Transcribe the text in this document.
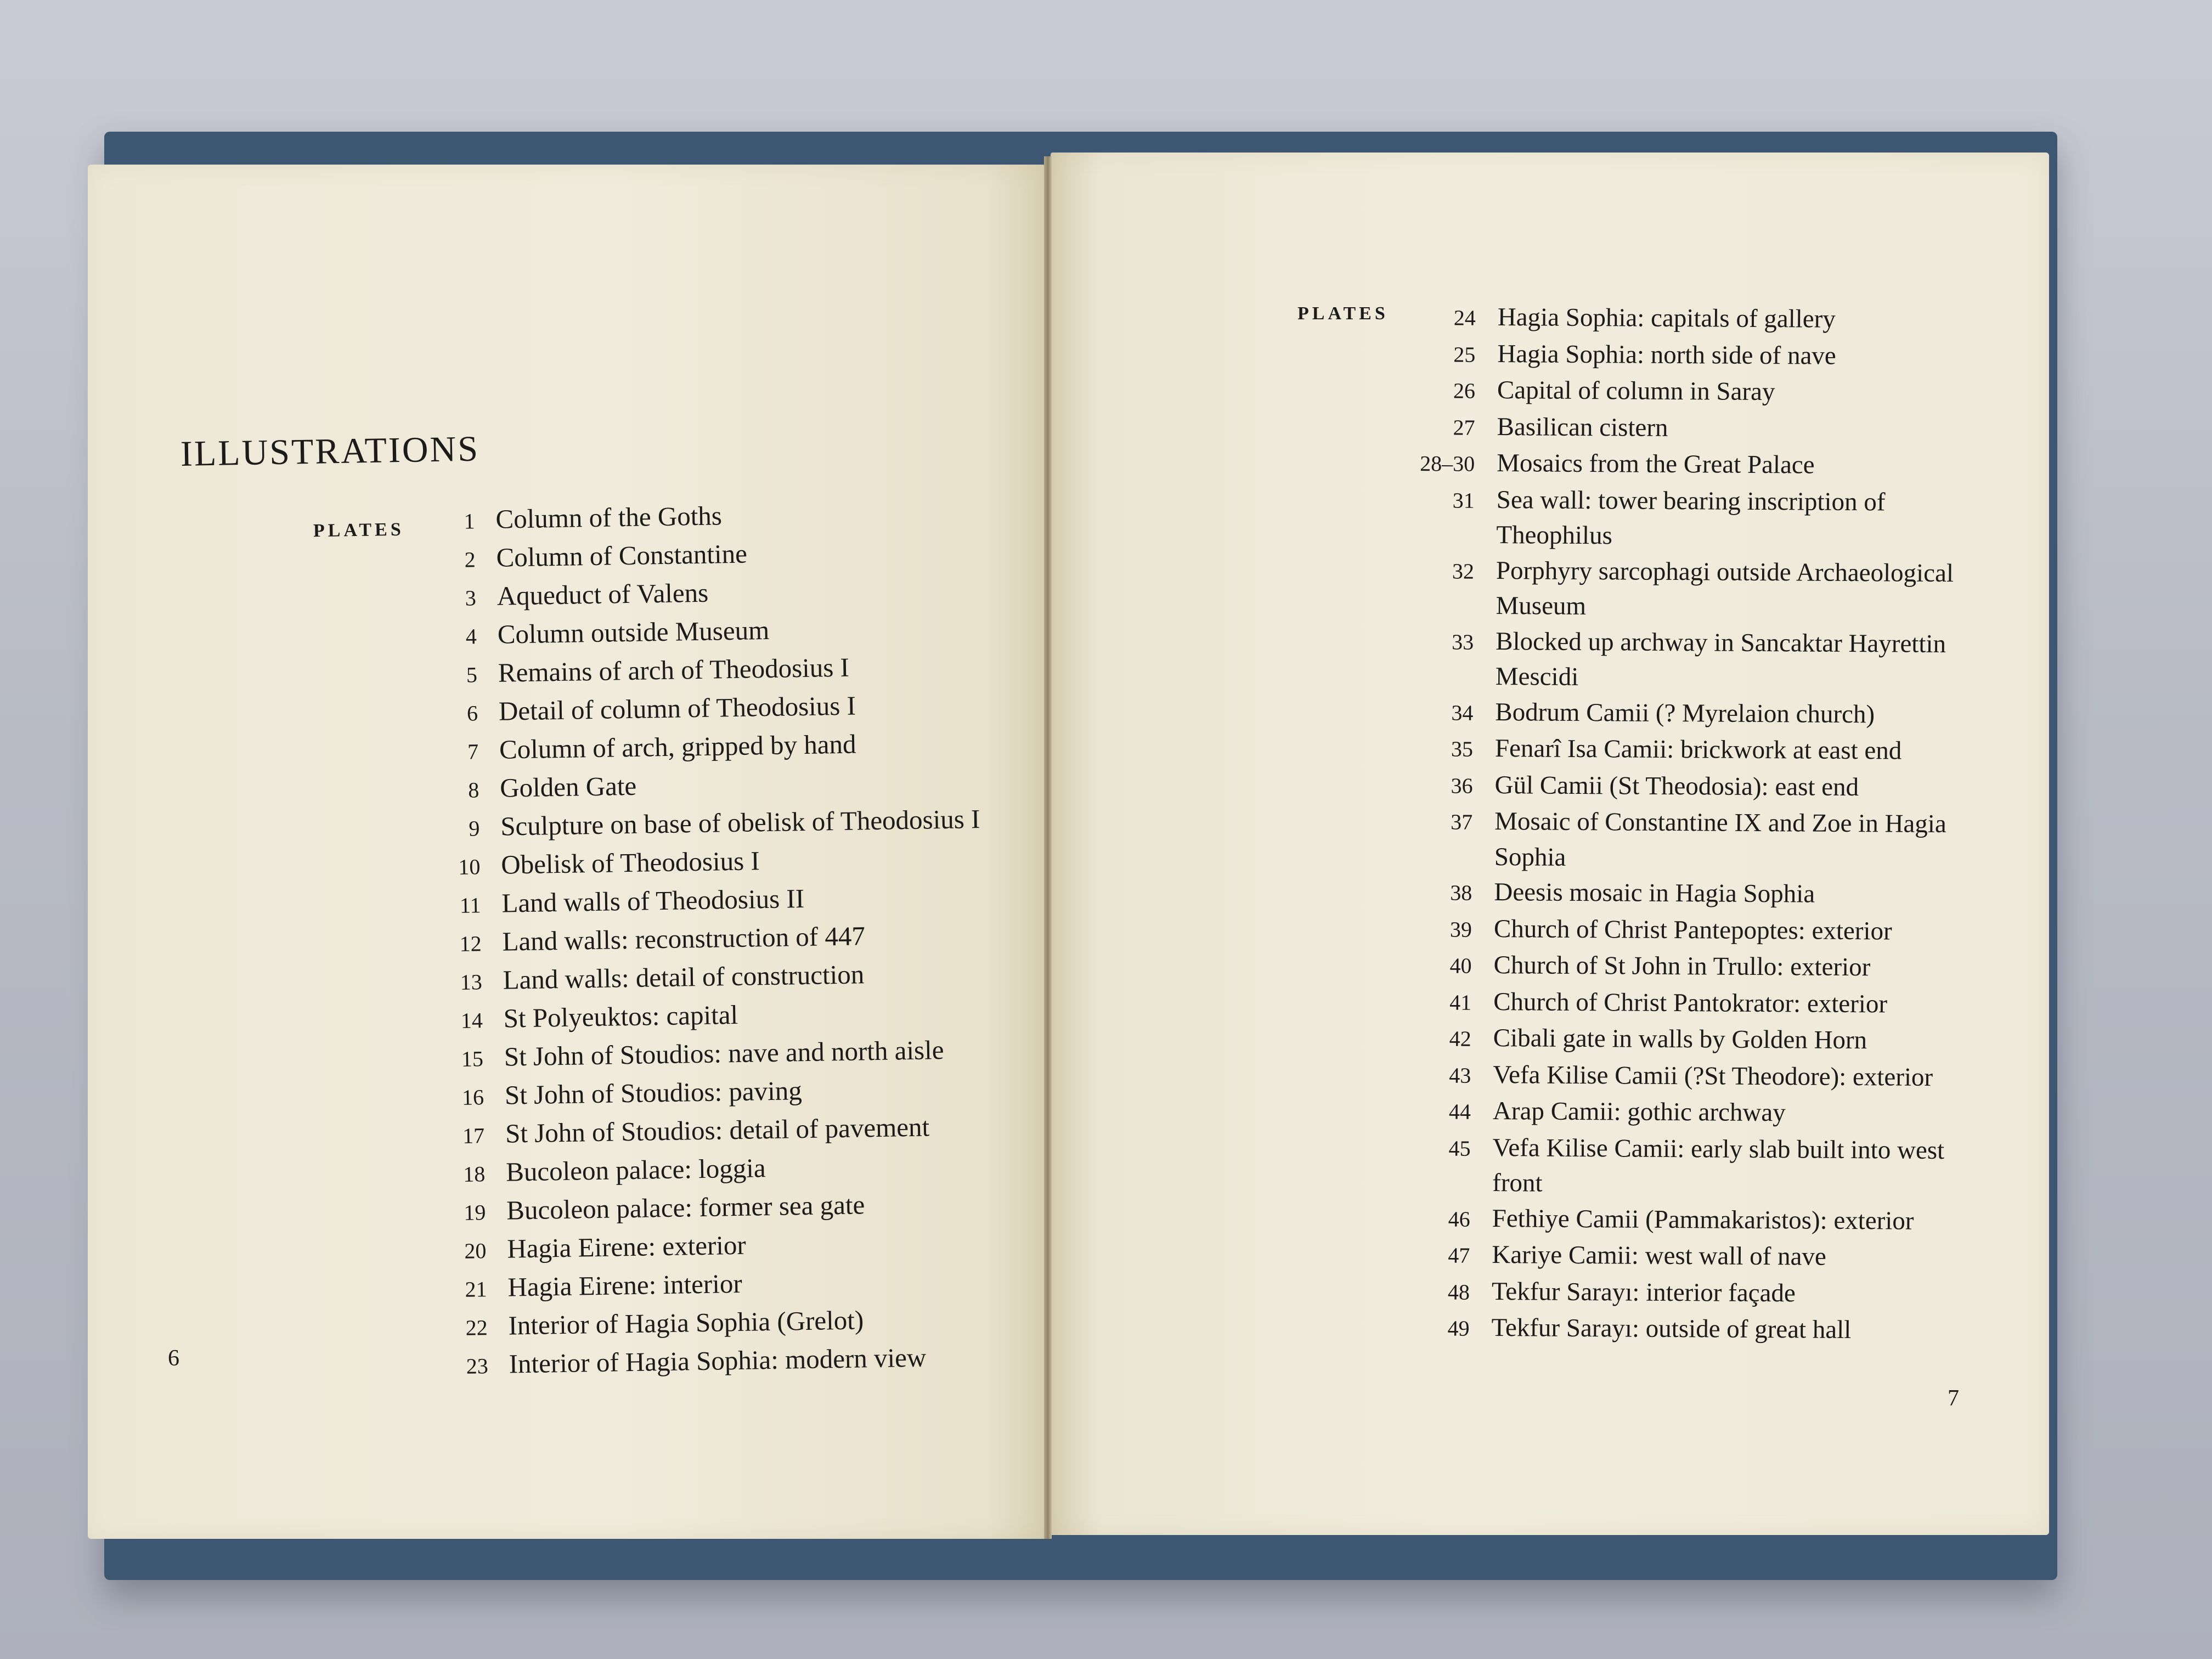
ILLUSTRATIONS
PLATES	1 Column of the Goths
2 Column of Constantine
3 Aqueduct of Valens
4 Column outside Museum
5 Remains of arch of Theodosius I
6 Detail of column of Theodosius I
7 Column of arch, gripped by hand
8 Golden Gate
9 Sculpture on base of obelisk of Theodosius I
10 Obelisk of Theodosius I
11 Land walls of Theodosius II
12 Land walls: reconstruction of 447
13 Land walls: detail of construction
14 St Polyeuktos: capital
15 St John of Stoudios: nave and north aisle
16 St John of Stoudios: paving
17 St John of Stoudios: detail of pavement
18 Bucoleon palace: loggia
19 Bucoleon palace: former sea gate
20 Hagia Eirene: exterior
21 Hagia Eirene: interior
22 Interior of Hagia Sophia (Grelot)
23 Interior of Hagia Sophia: modern view
6
PLATES	24 Hagia Sophia: capitals of gallery
25 Hagia Sophia: north side of nave
26 Capital of column in Saray
27 Basilican cistern
28–30 Mosaics from the Great Palace
31 Sea wall: tower bearing inscription of Theophilus
32 Porphyry sarcophagi outside Archaeological Museum
33 Blocked up archway in Sancaktar Hayrettin Mescidi
34 Bodrum Camii (? Myrelaion church)
35 Fenarî Isa Camii: brickwork at east end
36 Gül Camii (St Theodosia): east end
37 Mosaic of Constantine IX and Zoe in Hagia Sophia
38 Deesis mosaic in Hagia Sophia
39 Church of Christ Pantepoptes: exterior
40 Church of St John in Trullo: exterior
41 Church of Christ Pantokrator: exterior
42 Cibali gate in walls by Golden Horn
43 Vefa Kilise Camii (?St Theodore): exterior
44 Arap Camii: gothic archway
45 Vefa Kilise Camii: early slab built into west front
46 Fethiye Camii (Pammakaristos): exterior
47 Kariye Camii: west wall of nave
48 Tekfur Sarayı: interior façade
49 Tekfur Sarayı: outside of great hall
7
